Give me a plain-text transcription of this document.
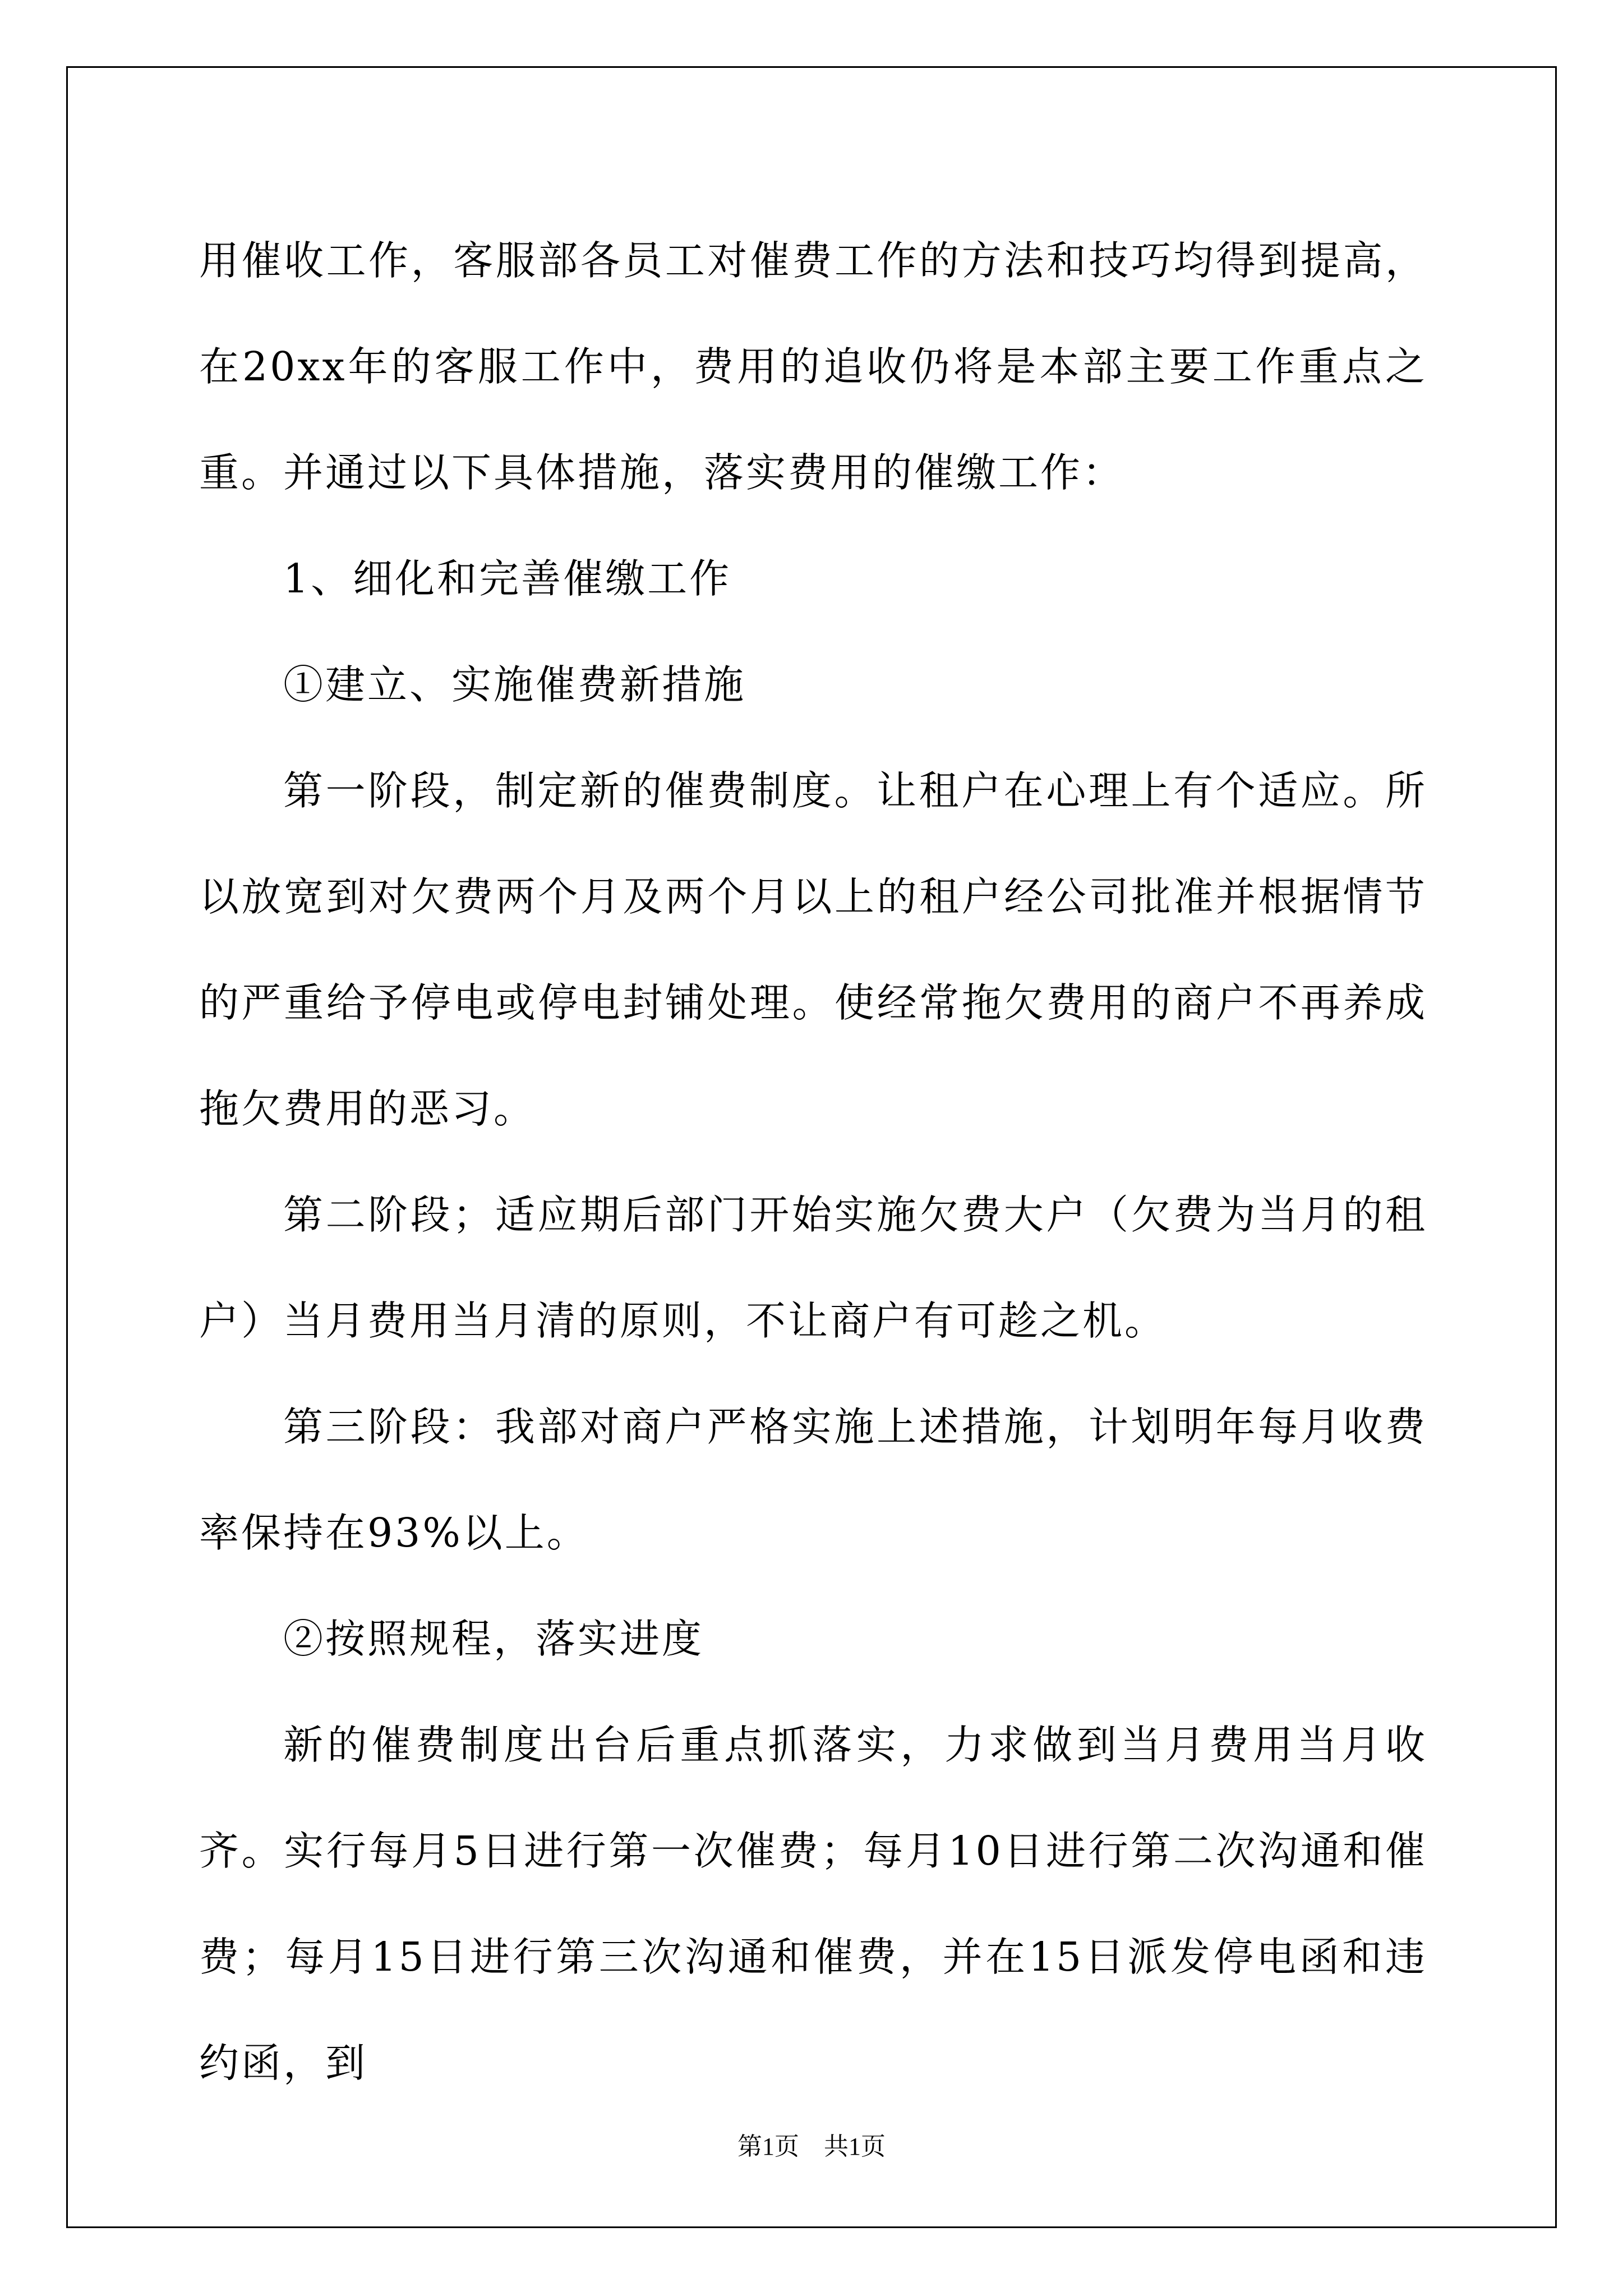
用催收工作，客服部各员工对催费工作的方法和技巧均得到提高，在20xx年的客服工作中，费用的追收仍将是本部主要工作重点之重。并通过以下具体措施，落实费用的催缴工作：

1、细化和完善催缴工作

①建立、实施催费新措施

第一阶段，制定新的催费制度。让租户在心理上有个适应。所以放宽到对欠费两个月及两个月以上的租户经公司批准并根据情节的严重给予停电或停电封铺处理。使经常拖欠费用的商户不再养成拖欠费用的恶习。

第二阶段；适应期后部门开始实施欠费大户（欠费为当月的租户）当月费用当月清的原则，不让商户有可趁之机。

第三阶段：我部对商户严格实施上述措施，计划明年每月收费率保持在93%以上。

②按照规程，落实进度

新的催费制度出台后重点抓落实，力求做到当月费用当月收齐。实行每月5日进行第一次催费；每月10日进行第二次沟通和催费；每月15日进行第三次沟通和催费，并在15日派发停电函和违约函，到

第1页　共1页
